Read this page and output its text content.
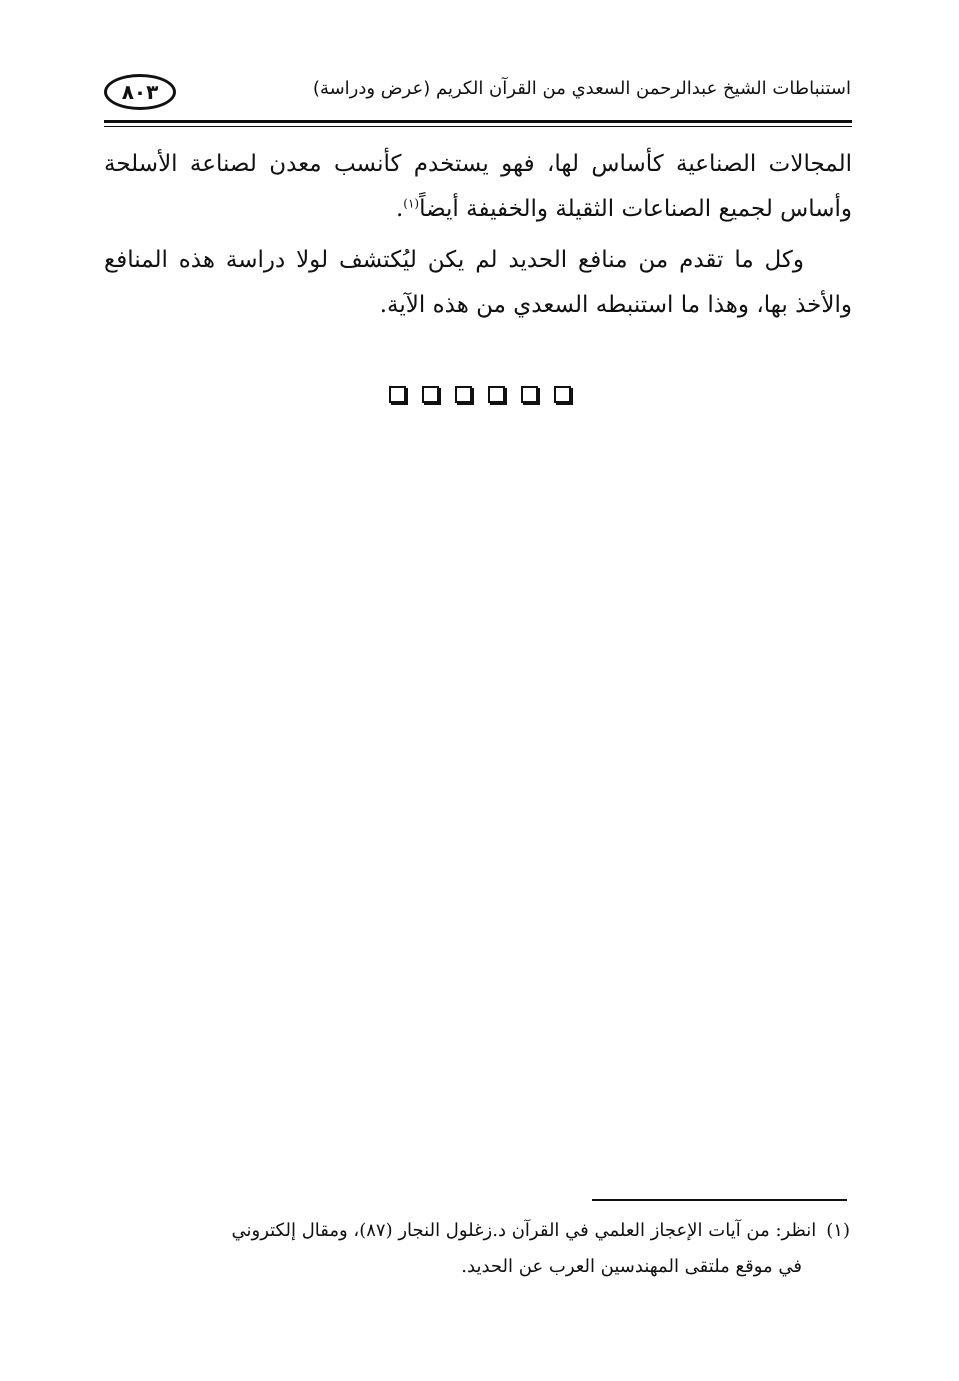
٨٠٣	استنباطات الشيخ عبدالرحمن السعدي من القرآن الكريم (عرض ودراسة)

المجالات الصناعية كأساس لها، فهو يستخدم كأنسب معدن لصناعة الأسلحة وأساس لجميع الصناعات الثقيلة والخفيفة أيضاً$^{(١)}$.

وكل ما تقدم من منافع الحديد لم يكن ليُكتشف لولا دراسة هذه المنافع والأخذ بها، وهذا ما استنبطه السعدي من هذه الآية.

(١)انظر: من آيات الإعجاز العلمي في القرآن د.زغلول النجار (٨٧)، ومقال إلكتروني

في موقع ملتقى المهندسين العرب عن الحديد.
